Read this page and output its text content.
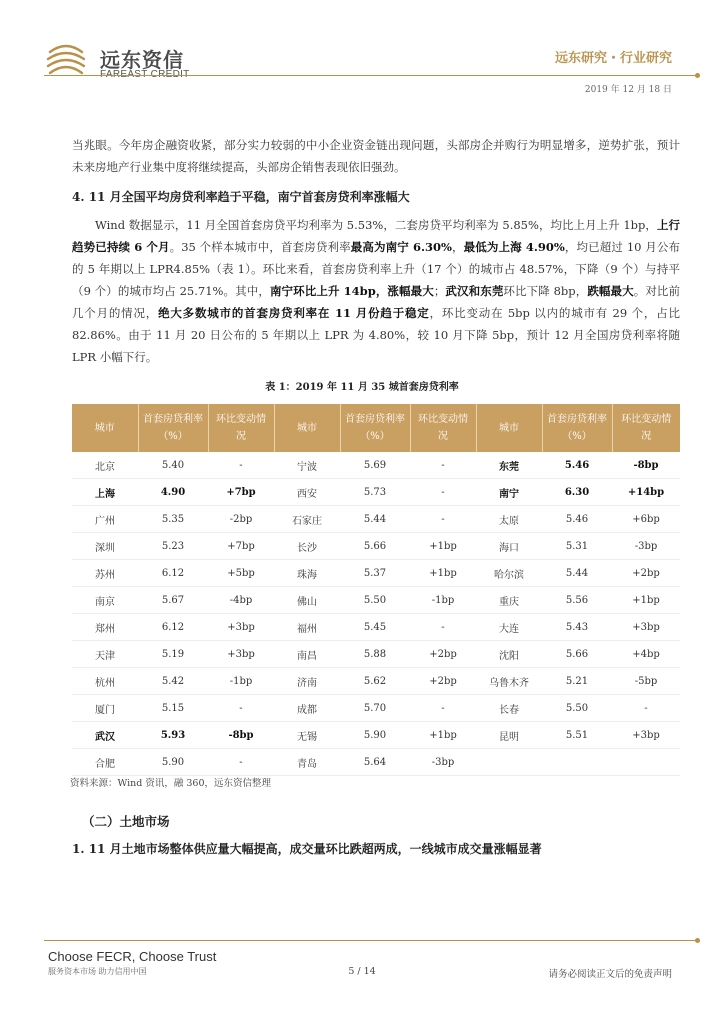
远东资信	远东研究・行业研究
2019 年 12 月 18 日

当兆眼。今年房企融资收紧，部分实力较弱的中小企业资金链出现问题，头部房企并购行为明显增多，逆势扩张，预计未来房地产行业集中度将继续提高，头部房企销售表现依旧强劲。

4. 11 月全国平均房贷利率趋于平稳，南宁首套房贷利率涨幅大

Wind 数据显示，11 月全国首套房贷平均利率为 5.53%，二套房贷平均利率为 5.85%，均比上月上升 1bp，上行趋势已持续 6 个月。35 个样本城市中，首套房贷利率最高为南宁 6.30%，最低为上海 4.90%，均已超过 10 月公布的 5 年期以上 LPR4.85%（表 1）。环比来看，首套房贷利率上升（17 个）的城市占 48.57%，下降（9 个）与持平（9 个）的城市均占 25.71%。其中，南宁环比上升 14bp，涨幅最大；武汉和东莞环比下降 8bp，跌幅最大。对比前几个月的情况，绝大多数城市的首套房贷利率在 11 月份趋于稳定，环比变动在 5bp 以内的城市有 29 个，占比 82.86%。由于 11 月 20 日公布的 5 年期以上 LPR 为 4.80%，较 10 月下降 5bp，预计 12 月全国房贷利率将随 LPR 小幅下行。

表 1：2019 年 11 月 35 城首套房贷利率
城市	首套房贷利率（%）	环比变动情况	城市	首套房贷利率（%）	环比变动情况	城市	首套房贷利率（%）	环比变动情况
北京	5.40	-	宁波	5.69	-	东莞	5.46	-8bp
上海	4.90	+7bp	西安	5.73	-	南宁	6.30	+14bp
广州	5.35	-2bp	石家庄	5.44	-	太原	5.46	+6bp
深圳	5.23	+7bp	长沙	5.66	+1bp	海口	5.31	-3bp
苏州	6.12	+5bp	珠海	5.37	+1bp	哈尔滨	5.44	+2bp
南京	5.67	-4bp	佛山	5.50	-1bp	重庆	5.56	+1bp
郑州	6.12	+3bp	福州	5.45	-	大连	5.43	+3bp
天津	5.19	+3bp	南昌	5.88	+2bp	沈阳	5.66	+4bp
杭州	5.42	-1bp	济南	5.62	+2bp	乌鲁木齐	5.21	-5bp
厦门	5.15	-	成都	5.70	-	长春	5.50	-
武汉	5.93	-8bp	无锡	5.90	+1bp	昆明	5.51	+3bp
合肥	5.90	-	青岛	5.64	-3bp			
资料来源：Wind 资讯，融 360，远东资信整理
（二）土地市场
1. 11 月土地市场整体供应量大幅提高，成交量环比跌超两成，一线城市成交量涨幅显著
Choose FECR, Choose Trust
服务资本市场 助力信用中国	5 / 14	请务必阅读正文后的免责声明
